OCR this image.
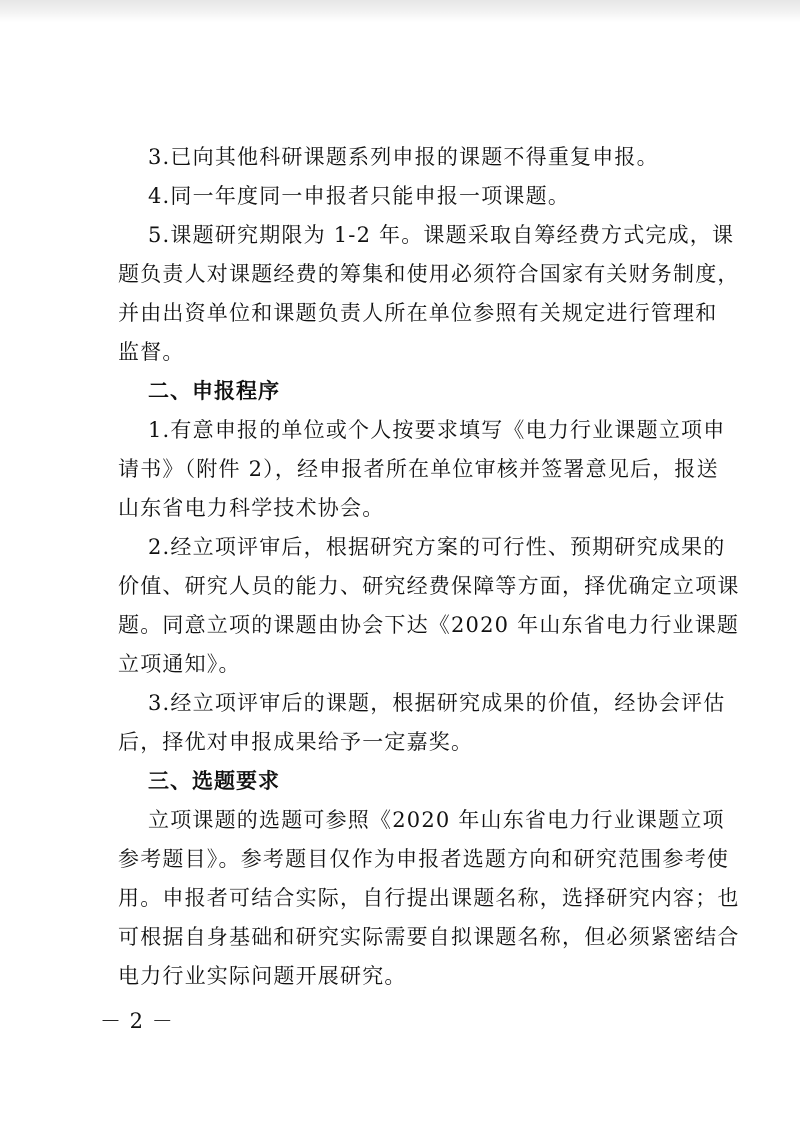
3.已向其他科研课题系列申报的课题不得重复申报。
4.同一年度同一申报者只能申报一项课题。
5.课题研究期限为 1-2 年。课题采取自筹经费方式完成，课
题负责人对课题经费的筹集和使用必须符合国家有关财务制度，
并由出资单位和课题负责人所在单位参照有关规定进行管理和
监督。
二、申报程序
1.有意申报的单位或个人按要求填写《电力行业课题立项申
请书》（附件 2），经申报者所在单位审核并签署意见后，报送
山东省电力科学技术协会。
2.经立项评审后，根据研究方案的可行性、预期研究成果的
价值、研究人员的能力、研究经费保障等方面，择优确定立项课
题。同意立项的课题由协会下达《2020 年山东省电力行业课题
立项通知》。
3.经立项评审后的课题，根据研究成果的价值，经协会评估
后，择优对申报成果给予一定嘉奖。
三、选题要求
立项课题的选题可参照《2020 年山东省电力行业课题立项
参考题目》。参考题目仅作为申报者选题方向和研究范围参考使
用。申报者可结合实际，自行提出课题名称，选择研究内容；也
可根据自身基础和研究实际需要自拟课题名称，但必须紧密结合
电力行业实际问题开展研究。
－ 2 －
